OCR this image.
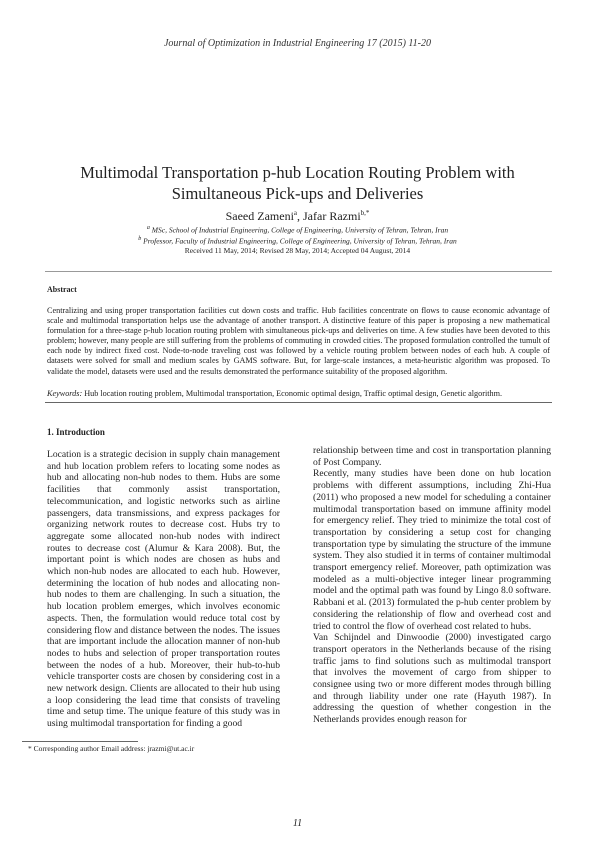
Journal of Optimization in Industrial Engineering 17 (2015) 11-20
Multimodal Transportation p-hub Location Routing Problem with
Simultaneous Pick-ups and Deliveries
Saeed Zameni$^a$, Jafar Razmi$^{b,*}$
$^a$ MSc, School of Industrial Engineering, College of Engineering, University of Tehran, Tehran, Iran
$^b$ Professor, Faculty of Industrial Engineering, College of Engineering, University of Tehran, Tehran, Iran
Received 11 May, 2014; Revised 28 May, 2014; Accepted 04 August, 2014
Abstract
Centralizing and using proper transportation facilities cut down costs and traffic. Hub facilities concentrate on flows to cause economic advantage of scale and multimodal transportation helps use the advantage of another transport. A distinctive feature of this paper is proposing a new mathematical formulation for a three-stage p-hub location routing problem with simultaneous pick-ups and deliveries on time. A few studies have been devoted to this problem; however, many people are still suffering from the problems of commuting in crowded cities. The proposed formulation controlled the tumult of each node by indirect fixed cost. Node-to-node traveling cost was followed by a vehicle routing problem between nodes of each hub. A couple of datasets were solved for small and medium scales by GAMS software. But, for large-scale instances, a meta-heuristic algorithm was proposed. To validate the model, datasets were used and the results demonstrated the performance suitability of the proposed algorithm.
Keywords: Hub location routing problem, Multimodal transportation, Economic optimal design, Traffic optimal design, Genetic algorithm.
1. Introduction

Location is a strategic decision in supply chain management and hub location problem refers to locating some nodes as hub and allocating non-hub nodes to them. Hubs are some facilities that commonly assist transportation, telecommunication, and logistic networks such as airline passengers, data transmissions, and express packages for organizing network routes to decrease cost. Hubs try to aggregate some allocated non-hub nodes with indirect routes to decrease cost (Alumur & Kara 2008). But, the important point is which nodes are chosen as hubs and which non-hub nodes are allocated to each hub. However, determining the location of hub nodes and allocating non-hub nodes to them are challenging. In such a situation, the hub location problem emerges, which involves economic aspects. Then, the formulation would reduce total cost by considering flow and distance between the nodes. The issues that are important include the allocation manner of non-hub nodes to hubs and selection of proper transportation routes between the nodes of a hub. Moreover, their hub-to-hub vehicle transporter costs are chosen by considering cost in a new network design. Clients are allocated to their hub using a loop considering the lead time that consists of traveling time and setup time. The unique feature of this study was in using multimodal transportation for finding a good

relationship between time and cost in transportation planning of Post Company.

Recently, many studies have been done on hub location problems with different assumptions, including Zhi-Hua (2011) who proposed a new model for scheduling a container multimodal transportation based on immune affinity model for emergency relief. They tried to minimize the total cost of transportation by considering a setup cost for changing transportation type by simulating the structure of the immune system. They also studied it in terms of container multimodal transport emergency relief. Moreover, path optimization was modeled as a multi-objective integer linear programming model and the optimal path was found by Lingo 8.0 software. Rabbani et al. (2013) formulated the p-hub center problem by considering the relationship of flow and overhead cost and tried to control the flow of overhead cost related to hubs.

Van Schijndel and Dinwoodie (2000) investigated cargo transport operators in the Netherlands because of the rising traffic jams to find solutions such as multimodal transport that involves the movement of cargo from shipper to consignee using two or more different modes through billing and through liability under one rate (Hayuth 1987). In addressing the question of whether congestion in the Netherlands provides enough reason for

* Corresponding author Email address: jrazmi@ut.ac.ir
11
